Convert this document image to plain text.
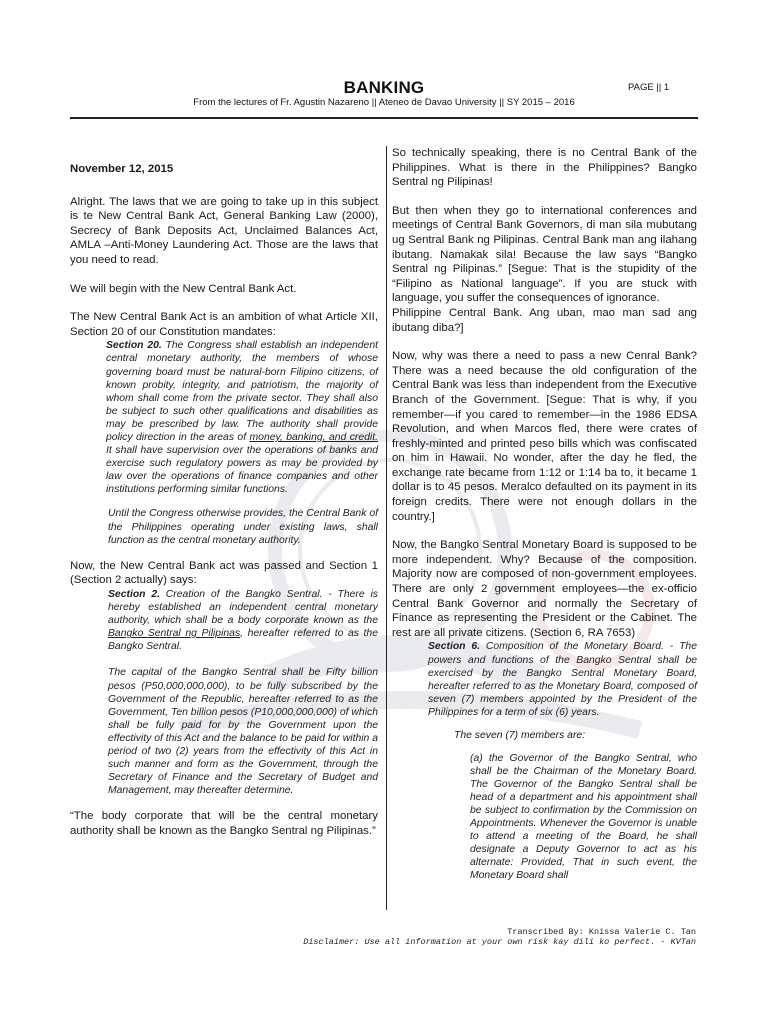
BANKING	PAGE || 1
From the lectures of Fr. Agustin Nazareno || Ateneo de Davao University || SY 2015 – 2016

November 12, 2015

Alright. The laws that we are going to take up in this subject is te New Central Bank Act, General Banking Law (2000), Secrecy of Bank Deposits Act, Unclaimed Balances Act, AMLA –Anti-Money Laundering Act. Those are the laws that you need to read.

We will begin with the New Central Bank Act.

The New Central Bank Act is an ambition of what Article XII, Section 20 of our Constitution mandates:

Section 20. The Congress shall establish an independent central monetary authority, the members of whose governing board must be natural-born Filipino citizens, of known probity, integrity, and patriotism, the majority of whom shall come from the private sector. They shall also be subject to such other qualifications and disabilities as may be prescribed by law. The authority shall provide policy direction in the areas of money, banking, and credit. It shall have supervision over the operations of banks and exercise such regulatory powers as may be provided by law over the operations of finance companies and other institutions performing similar functions.

Until the Congress otherwise provides, the Central Bank of the Philippines operating under existing laws, shall function as the central monetary authority.

Now, the New Central Bank act was passed and Section 1 (Section 2 actually) says:

Section 2. Creation of the Bangko Sentral. - There is hereby established an independent central monetary authority, which shall be a body corporate known as the Bangko Sentral ng Pilipinas, hereafter referred to as the Bangko Sentral.

The capital of the Bangko Sentral shall be Fifty billion pesos (P50,000,000,000), to be fully subscribed by the Government of the Republic, hereafter referred to as the Government, Ten billion pesos (P10,000,000,000) of which shall be fully paid for by the Government upon the effectivity of this Act and the balance to be paid for within a period of two (2) years from the effectivity of this Act in such manner and form as the Government, through the Secretary of Finance and the Secretary of Budget and Management, may thereafter determine.

“The body corporate that will be the central monetary authority shall be known as the Bangko Sentral ng Pilipinas.”

So technically speaking, there is no Central Bank of the Philippines. What is there in the Philippines? Bangko Sentral ng Pilipinas!

But then when they go to international conferences and meetings of Central Bank Governors, di man sila mubutang ug Sentral Bank ng Pilipinas. Central Bank man ang ilahang ibutang. Namakak sila! Because the law says “Bangko Sentral ng Pilipinas.” [Segue: That is the stupidity of the “Filipino as National language”. If you are stuck with language, you suffer the consequences of ignorance.

Philippine Central Bank. Ang uban, mao man sad ang ibutang diba?]

Now, why was there a need to pass a new Cenral Bank? There was a need because the old configuration of the Central Bank was less than independent from the Executive Branch of the Government. [Segue: That is why, if you remember—if you cared to remember—in the 1986 EDSA Revolution, and when Marcos fled, there were crates of freshly-minted and printed peso bills which was confiscated on him in Hawaii. No wonder, after the day he fled, the exchange rate became from 1:12 or 1:14 ba to, it became 1 dollar is to 45 pesos. Meralco defaulted on its payment in its foreign credits. There were not enough dollars in the country.]

Now, the Bangko Sentral Monetary Board is supposed to be more independent. Why? Because of the composition. Majority now are composed of non-government employees. There are only 2 government employees—the ex-officio Central Bank Governor and normally the Secretary of Finance as representing the President or the Cabinet. The rest are all private citizens. (Section 6, RA 7653)

Section 6. Composition of the Monetary Board. - The powers and functions of the Bangko Sentral shall be exercised by the Bangko Sentral Monetary Board, hereafter referred to as the Monetary Board, composed of seven (7) members appointed by the President of the Philippines for a term of six (6) years.

The seven (7) members are:

(a) the Governor of the Bangko Sentral, who shall be the Chairman of the Monetary Board. The Governor of the Bangko Sentral shall be head of a department and his appointment shall be subject to confirmation by the Commission on Appointments. Whenever the Governor is unable to attend a meeting of the Board, he shall designate a Deputy Governor to act as his alternate: Provided, That in such event, the Monetary Board shall

Transcribed By: Knissa Valerie C. Tan
Disclaimer: Use all information at your own risk kay dili ko perfect. - KVTan
